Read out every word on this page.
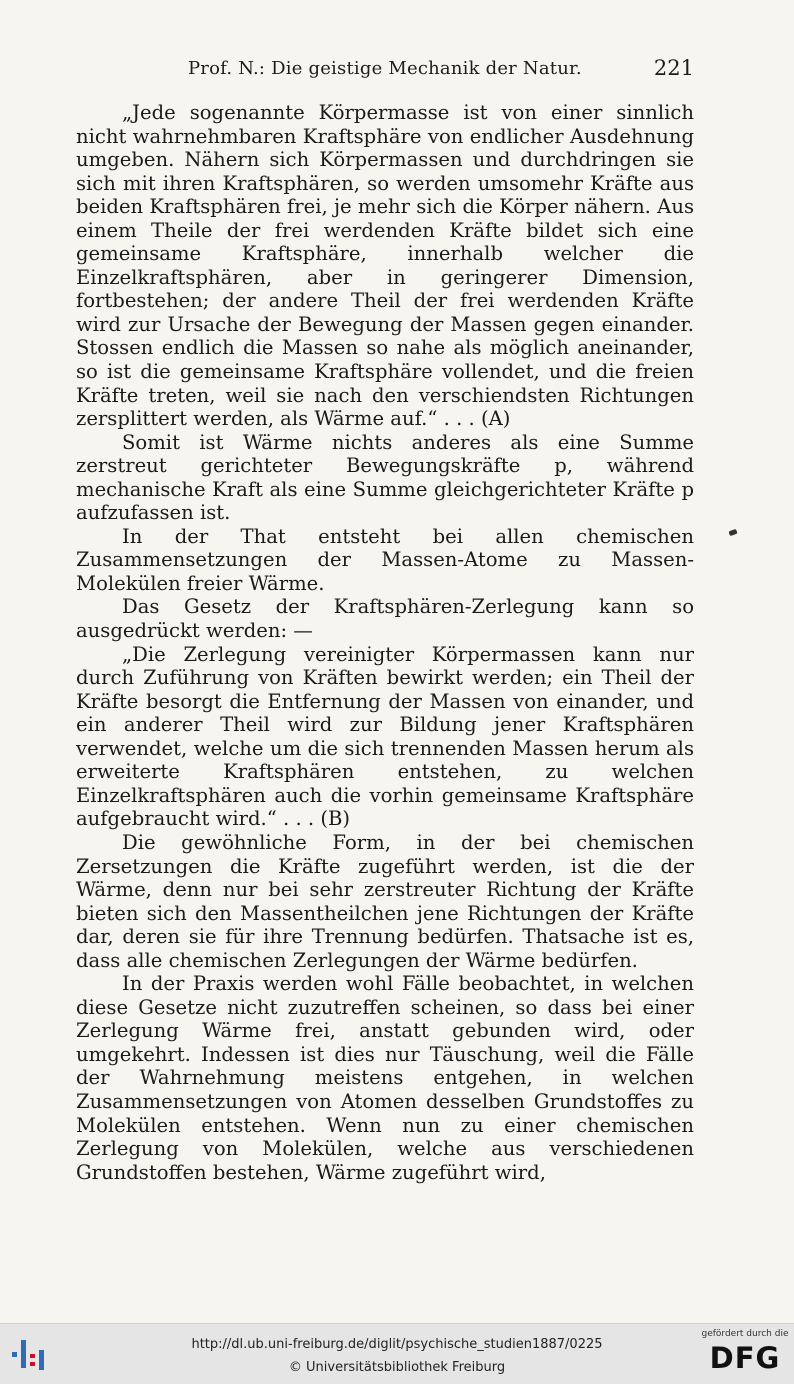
Prof. N.: Die geistige Mechanik der Natur.	221

„Jede sogenannte Körpermasse ist von einer sinnlich nicht wahrnehmbaren Kraftsphäre von endlicher Ausdehnung umgeben. Nähern sich Körpermassen und durchdringen sie sich mit ihren Kraftsphären, so werden umsomehr Kräfte aus beiden Kraftsphären frei, je mehr sich die Körper nähern. Aus einem Theile der frei werdenden Kräfte bildet sich eine gemeinsame Kraftsphäre, innerhalb welcher die Einzelkraftsphären, aber in geringerer Dimension, fortbestehen; der andere Theil der frei werdenden Kräfte wird zur Ursache der Bewegung der Massen gegen einander. Stossen endlich die Massen so nahe als möglich aneinander, so ist die gemeinsame Kraftsphäre vollendet, und die freien Kräfte treten, weil sie nach den verschiendsten Richtungen zersplittert werden, als Wärme auf.“ . . . (A)

Somit ist Wärme nichts anderes als eine Summe zerstreut gerichteter Bewegungskräfte p, während mechanische Kraft als eine Summe gleichgerichteter Kräfte p aufzufassen ist.

In der That entsteht bei allen chemischen Zusammensetzungen der Massen-Atome zu Massen-Molekülen freier Wärme.

Das Gesetz der Kraftsphären-Zerlegung kann so ausgedrückt werden: —

„Die Zerlegung vereinigter Körpermassen kann nur durch Zuführung von Kräften bewirkt werden; ein Theil der Kräfte besorgt die Entfernung der Massen von einander, und ein anderer Theil wird zur Bildung jener Kraftsphären verwendet, welche um die sich trennenden Massen herum als erweiterte Kraftsphären entstehen, zu welchen Einzelkraftsphären auch die vorhin gemeinsame Kraftsphäre aufgebraucht wird.“ . . . (B)

Die gewöhnliche Form, in der bei chemischen Zersetzungen die Kräfte zugeführt werden, ist die der Wärme, denn nur bei sehr zerstreuter Richtung der Kräfte bieten sich den Massentheilchen jene Richtungen der Kräfte dar, deren sie für ihre Trennung bedürfen. Thatsache ist es, dass alle chemischen Zerlegungen der Wärme bedürfen.

In der Praxis werden wohl Fälle beobachtet, in welchen diese Gesetze nicht zuzutreffen scheinen, so dass bei einer Zerlegung Wärme frei, anstatt gebunden wird, oder umgekehrt. Indessen ist dies nur Täuschung, weil die Fälle der Wahrnehmung meistens entgehen, in welchen Zusammensetzungen von Atomen desselben Grundstoffes zu Molekülen entstehen. Wenn nun zu einer chemischen Zerlegung von Molekülen, welche aus verschiedenen Grundstoffen bestehen, Wärme zugeführt wird,

http://dl.ub.uni-freiburg.de/diglit/psychische_studien1887/0225
© Universitätsbibliothek Freiburg
gefördert durch die
DFG
